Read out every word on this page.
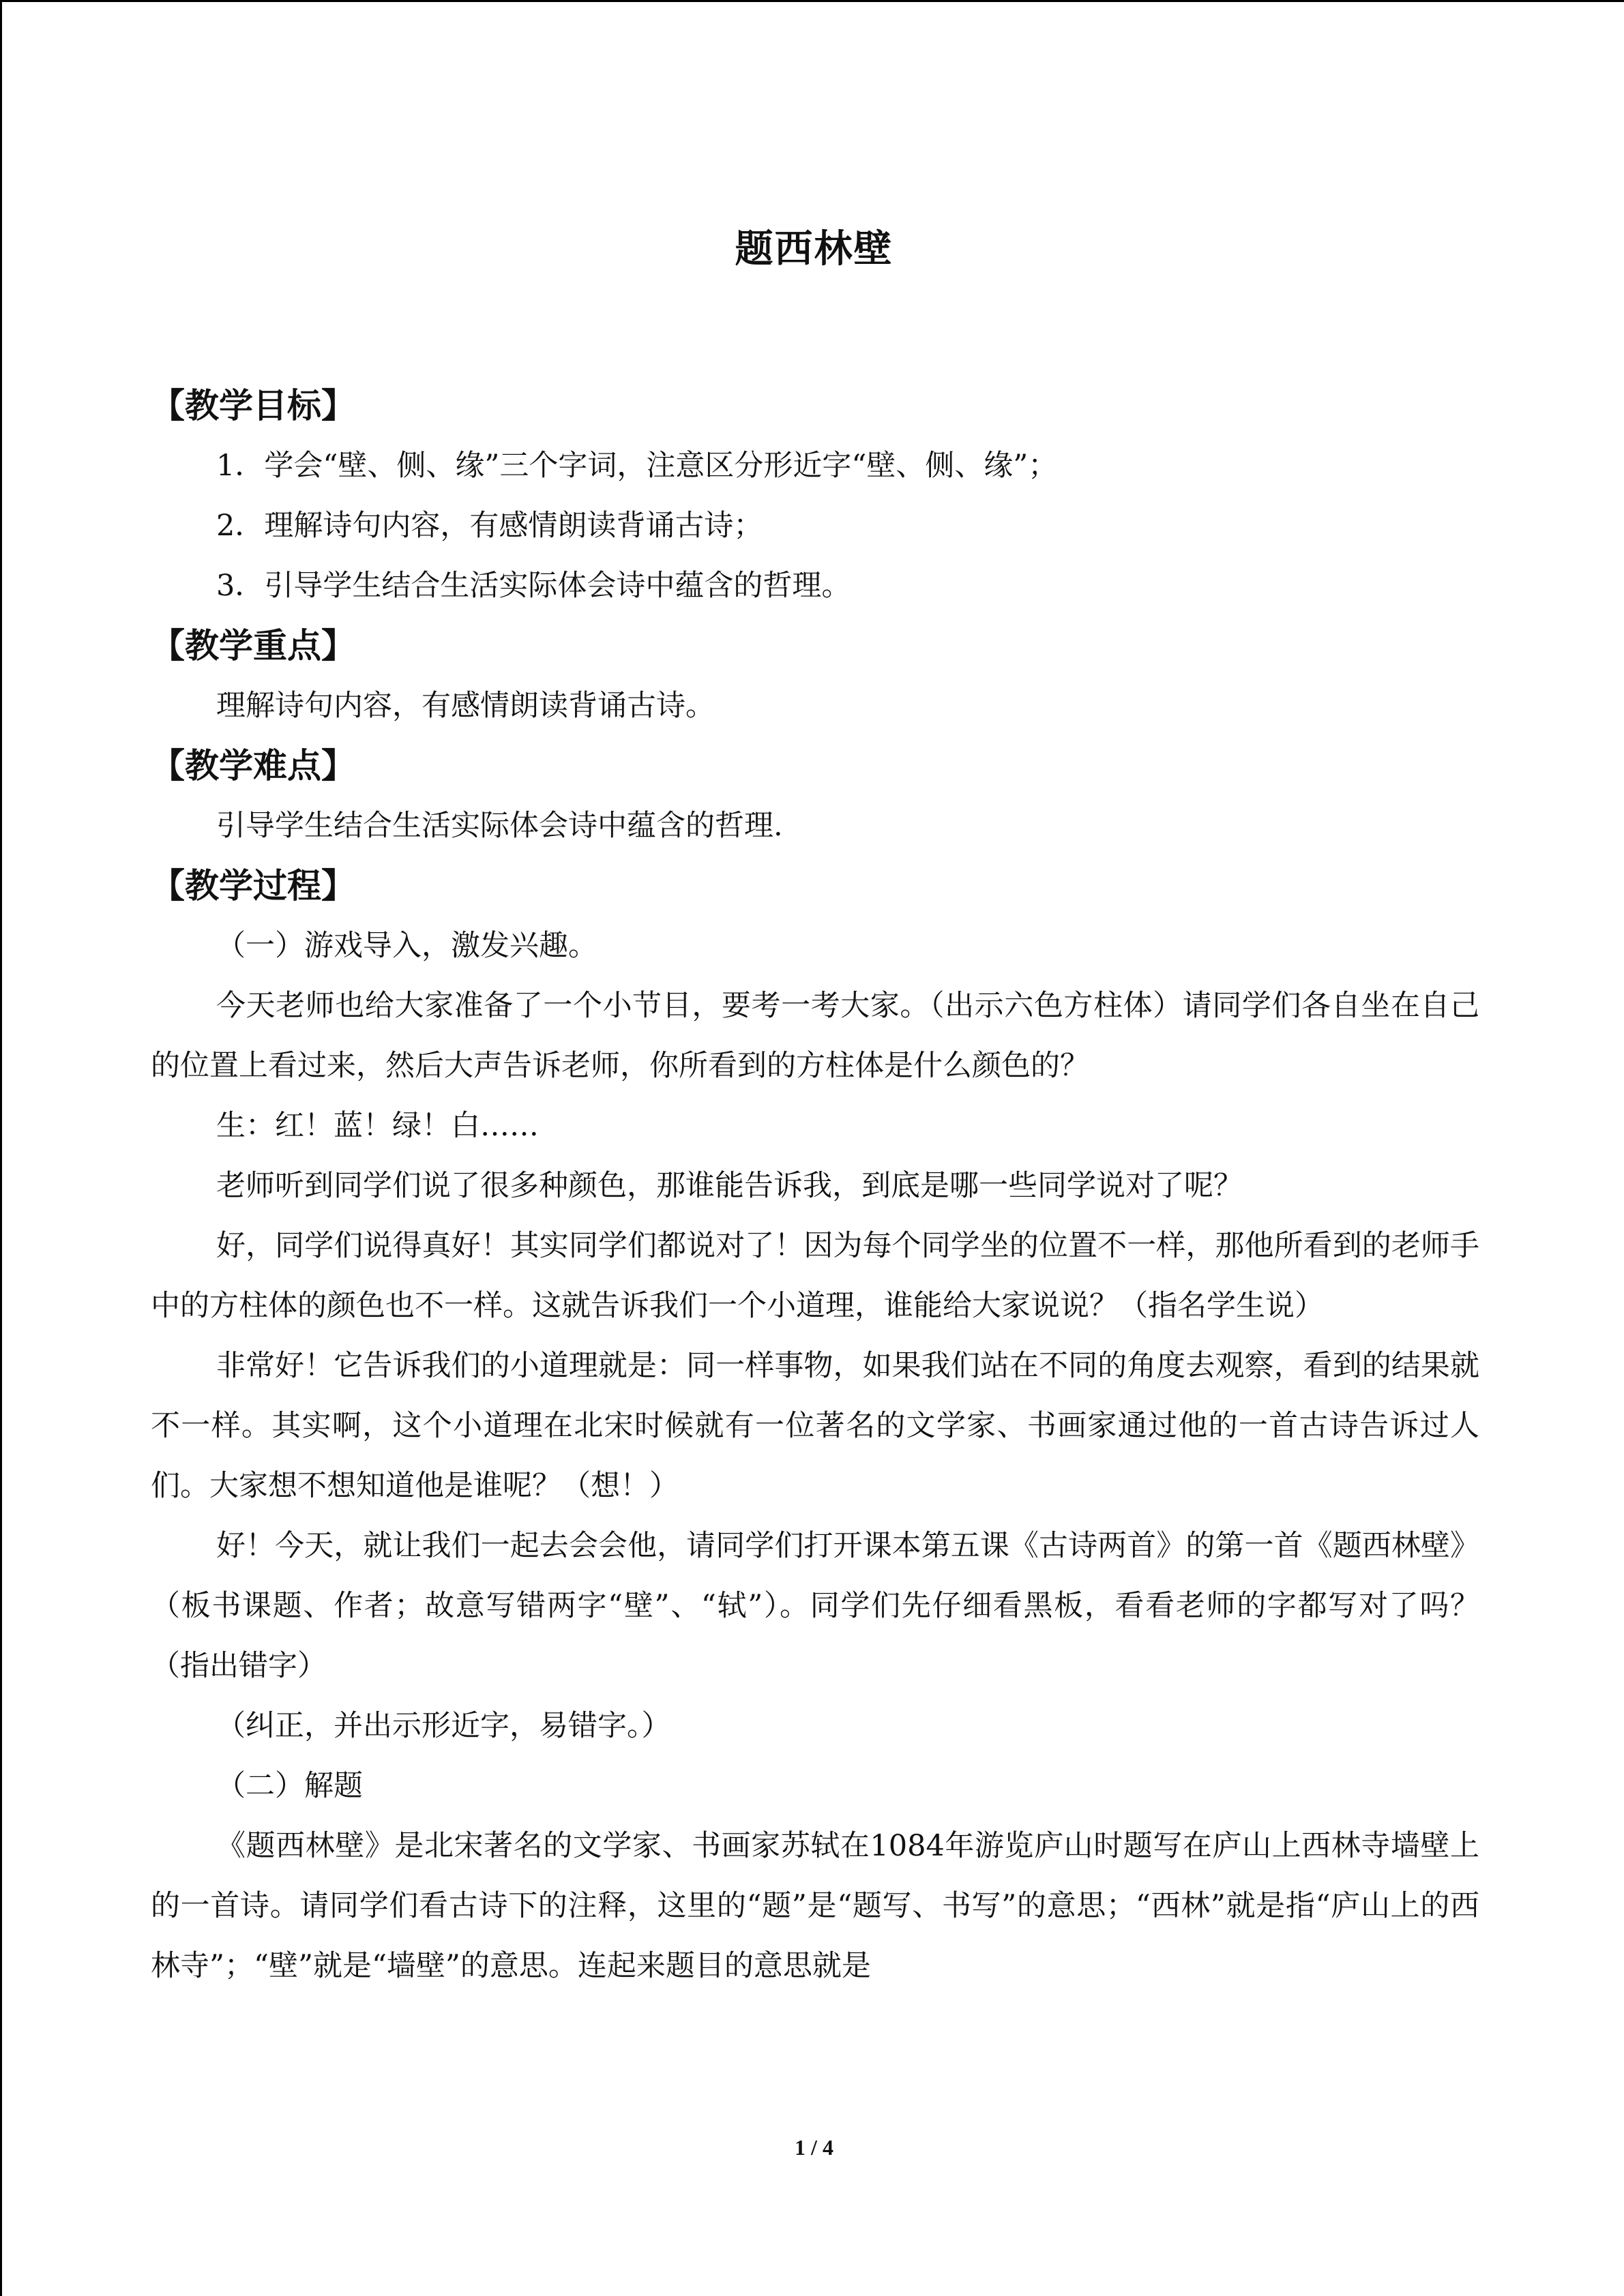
题西林壁

【教学目标】

1．学会“壁、侧、缘”三个字词，注意区分形近字“壁、侧、缘”；

2．理解诗句内容，有感情朗读背诵古诗；

3．引导学生结合生活实际体会诗中蕴含的哲理。

【教学重点】

理解诗句内容，有感情朗读背诵古诗。

【教学难点】

引导学生结合生活实际体会诗中蕴含的哲理.

【教学过程】

（一）游戏导入，激发兴趣。

今天老师也给大家准备了一个小节目，要考一考大家。（出示六色方柱体）请同学们各自坐在自己的位置上看过来，然后大声告诉老师，你所看到的方柱体是什么颜色的？

生：红！蓝！绿！白……

老师听到同学们说了很多种颜色，那谁能告诉我，到底是哪一些同学说对了呢？

好，同学们说得真好！其实同学们都说对了！因为每个同学坐的位置不一样，那他所看到的老师手中的方柱体的颜色也不一样。这就告诉我们一个小道理，谁能给大家说说？（指名学生说）

非常好！它告诉我们的小道理就是：同一样事物，如果我们站在不同的角度去观察，看到的结果就不一样。其实啊，这个小道理在北宋时候就有一位著名的文学家、书画家通过他的一首古诗告诉过人们。大家想不想知道他是谁呢？（想！）

好！今天，就让我们一起去会会他，请同学们打开课本第五课《古诗两首》的第一首《题西林壁》（板书课题、作者；故意写错两字“壁”、“轼”）。同学们先仔细看黑板，看看老师的字都写对了吗？（指出错字）

（纠正，并出示形近字，易错字。）

（二）解题

《题西林壁》是北宋著名的文学家、书画家苏轼在1084年游览庐山时题写在庐山上西林寺墙壁上的一首诗。请同学们看古诗下的注释，这里的“题”是“题写、书写”的意思；“西林”就是指“庐山上的西林寺”；“壁”就是“墙壁”的意思。连起来题目的意思就是

1 / 4
